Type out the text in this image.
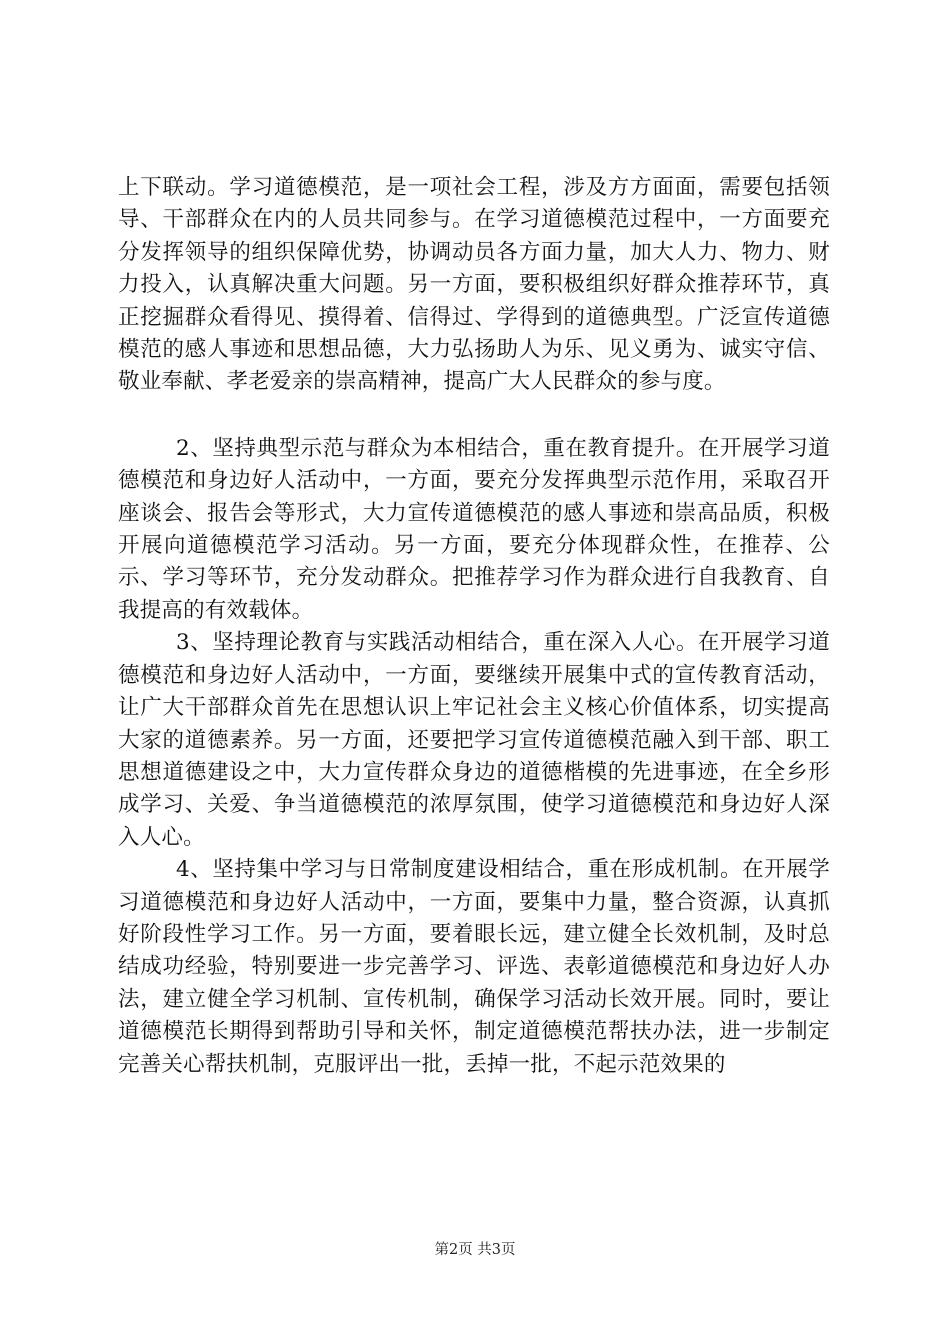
上下联动。学习道德模范，是一项社会工程，涉及方方面面，需要包括领导、干部群众在内的人员共同参与。在学习道德模范过程中，一方面要充分发挥领导的组织保障优势，协调动员各方面力量，加大人力、物力、财力投入，认真解决重大问题。另一方面，要积极组织好群众推荐环节，真正挖掘群众看得见、摸得着、信得过、学得到的道德典型。广泛宣传道德模范的感人事迹和思想品德，大力弘扬助人为乐、见义勇为、诚实守信、敬业奉献、孝老爱亲的崇高精神，提高广大人民群众的参与度。

2、坚持典型示范与群众为本相结合，重在教育提升。在开展学习道德模范和身边好人活动中，一方面，要充分发挥典型示范作用，采取召开座谈会、报告会等形式，大力宣传道德模范的感人事迹和崇高品质，积极开展向道德模范学习活动。另一方面，要充分体现群众性，在推荐、公示、学习等环节，充分发动群众。把推荐学习作为群众进行自我教育、自我提高的有效载体。

3、坚持理论教育与实践活动相结合，重在深入人心。在开展学习道德模范和身边好人活动中，一方面，要继续开展集中式的宣传教育活动，让广大干部群众首先在思想认识上牢记社会主义核心价值体系，切实提高大家的道德素养。另一方面，还要把学习宣传道德模范融入到干部、职工思想道德建设之中，大力宣传群众身边的道德楷模的先进事迹，在全乡形成学习、关爱、争当道德模范的浓厚氛围，使学习道德模范和身边好人深入人心。

4、坚持集中学习与日常制度建设相结合，重在形成机制。在开展学习道德模范和身边好人活动中，一方面，要集中力量，整合资源，认真抓好阶段性学习工作。另一方面，要着眼长远，建立健全长效机制，及时总结成功经验，特别要进一步完善学习、评选、表彰道德模范和身边好人办法，建立健全学习机制、宣传机制，确保学习活动长效开展。同时，要让道德模范长期得到帮助引导和关怀，制定道德模范帮扶办法，进一步制定完善关心帮扶机制，克服评出一批，丢掉一批，不起示范效果的

第2页 共3页
